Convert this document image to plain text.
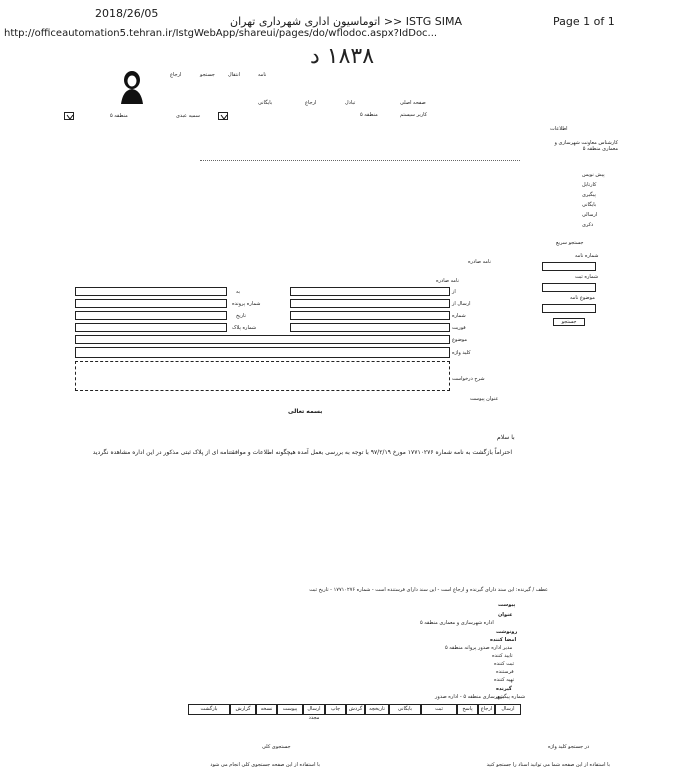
http://officeautomation5.tehran.ir/IstgWebApp/shareui/pages/do/wflodoc.aspx?IdDoc...
Page 1 of 1
ISTG SIMA << اتوماسیون اداری شهرداری تهران
2018/26/05
١٨٣٨ د
ارجاع	جستجو	انتقال	نامه
صفحه اصلی
تبادل
ارجاع
بایگانی
منطقه ۵	کاربر سیستم
سمیه عبدی
منطقه ۵
اطلاعات
کارشناس معاونت شهرسازی و معماری منطقه ۵
پیش نویس
کارتابل
پیگیری
بایگانی
ارسالی
ذکری
جستجو سریع
شماره نامه
شماره ثبت
موضوع نامه
جستجو
نامه صادره
نامه صادره
از
ارسال از
شماره
فوریت
موضوع
کلید واژه
شرح درخواست
به
شماره پرونده
تاریخ
شماره پلاک
عنوان پیوست
بسمه تعالی
با سلام
احتراماً بازگشت به نامه شماره ۱۷۷۱۰۲۷۶ مورخ ۹۷/۲/۱۹ با توجه به بررسی بعمل آمده هیچگونه اطلاعات و موافقتنامه ای از پلاک ثبتی مذکور در این اداره مشاهده نگردید
عطف / گیرنده: این سند دارای گیرنده و ارجاع است - این سند دارای فرستنده است - شماره ۱۷۷۱۰۲۷۶ - تاریخ ثبت
پیوست
عنوان
اداره شهرسازی و معماری منطقه ۵
رونوشت
امضا کننده
مدیر اداره صدور پروانه منطقه ۵
تایید کننده
ثبت کننده
فرستنده
تهیه کننده
گیرنده
شماره پیگیری
شهرسازی منطقه ۵ - اداره صدور
ارسال
ارجاع
پاسخ
ثبت
بایگانی
تاریخچه
گردش
چاپ
ارسال مجدد
پیوست
نسخه
گزارش
بازگشت
در جستجو کلید واژه
جستجوی کلی
با استفاده از این صفحه شما می توانید اسناد را جستجو کنید
با استفاده از این صفحه جستجوی کلی انجام می شود
